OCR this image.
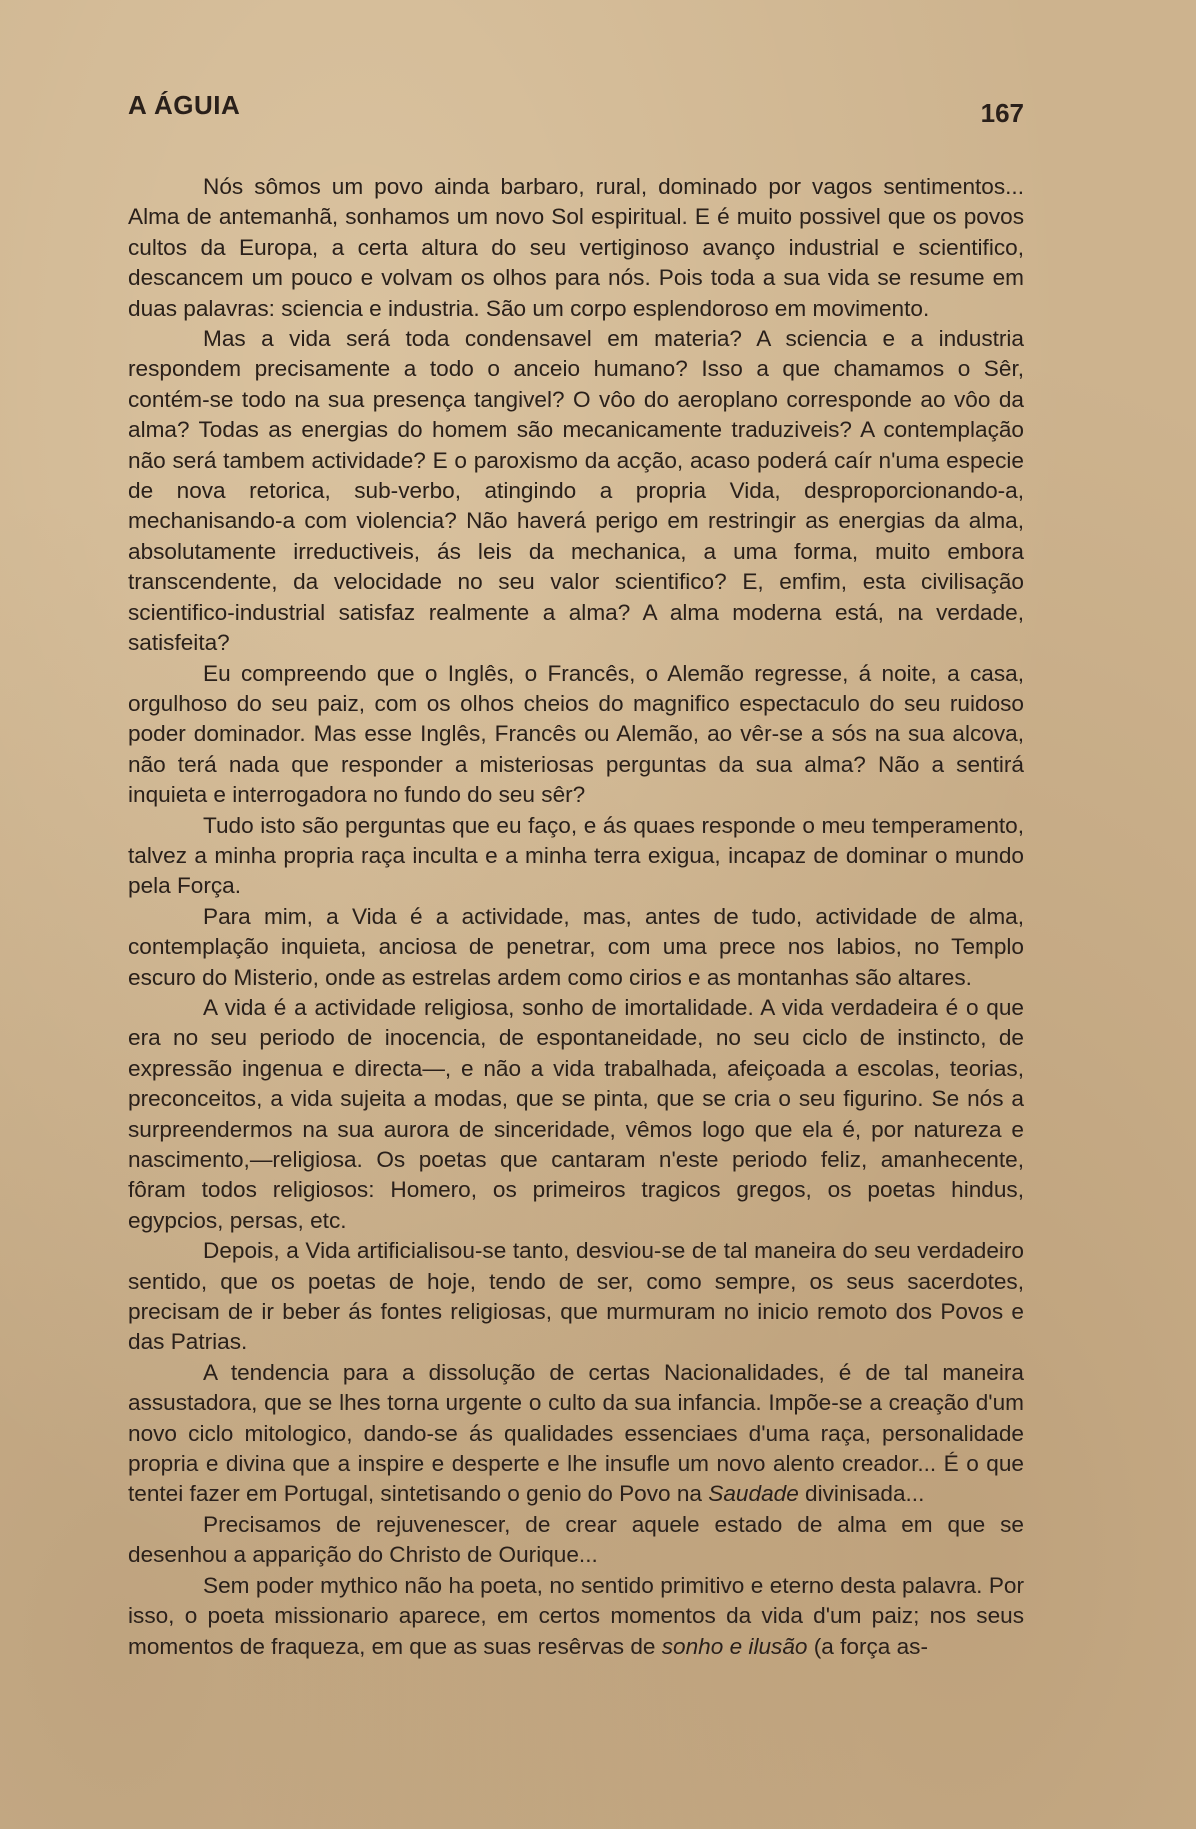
A ÁGUIA	167

Nós sômos um povo ainda barbaro, rural, dominado por vagos sentimentos... Alma de antemanhã, sonhamos um novo Sol espiritual. E é muito possivel que os povos cultos da Europa, a certa altura do seu vertiginoso avanço industrial e scientifico, descancem um pouco e volvam os olhos para nós. Pois toda a sua vida se resume em duas palavras: sciencia e industria. São um corpo esplendoroso em movimento.

Mas a vida será toda condensavel em materia? A sciencia e a industria respondem precisamente a todo o anceio humano? Isso a que chamamos o Sêr, contém-se todo na sua presença tangivel? O vôo do aeroplano corresponde ao vôo da alma? Todas as energias do homem são mecanicamente traduziveis? A contemplação não será tambem actividade? E o paroxismo da acção, acaso poderá caír n'uma especie de nova retorica, sub-verbo, atingindo a propria Vida, desproporcionando-a, mechanisando-a com violencia? Não haverá perigo em restringir as energias da alma, absolutamente irreductiveis, ás leis da mechanica, a uma forma, muito embora transcendente, da velocidade no seu valor scientifico? E, emfim, esta civilisação scientifico-industrial satisfaz realmente a alma? A alma moderna está, na verdade, satisfeita?

Eu compreendo que o Inglês, o Francês, o Alemão regresse, á noite, a casa, orgulhoso do seu paiz, com os olhos cheios do magnifico espectaculo do seu ruidoso poder dominador. Mas esse Inglês, Francês ou Alemão, ao vêr-se a sós na sua alcova, não terá nada que responder a misteriosas perguntas da sua alma? Não a sentirá inquieta e interrogadora no fundo do seu sêr?

Tudo isto são perguntas que eu faço, e ás quaes responde o meu temperamento, talvez a minha propria raça inculta e a minha terra exigua, incapaz de dominar o mundo pela Força.

Para mim, a Vida é a actividade, mas, antes de tudo, actividade de alma, contemplação inquieta, anciosa de penetrar, com uma prece nos labios, no Templo escuro do Misterio, onde as estrelas ardem como cirios e as montanhas são altares.

A vida é a actividade religiosa, sonho de imortalidade. A vida verdadeira é o que era no seu periodo de inocencia, de espontaneidade, no seu ciclo de instincto, de expressão ingenua e directa—, e não a vida trabalhada, afeiçoada a escolas, teorias, preconceitos, a vida sujeita a modas, que se pinta, que se cria o seu figurino. Se nós a surpreendermos na sua aurora de sinceridade, vêmos logo que ela é, por natureza e nascimento,—religiosa. Os poetas que cantaram n'este periodo feliz, amanhecente, fôram todos religiosos: Homero, os primeiros tragicos gregos, os poetas hindus, egypcios, persas, etc.

Depois, a Vida artificialisou-se tanto, desviou-se de tal maneira do seu verdadeiro sentido, que os poetas de hoje, tendo de ser, como sempre, os seus sacerdotes, precisam de ir beber ás fontes religiosas, que murmuram no inicio remoto dos Povos e das Patrias.

A tendencia para a dissolução de certas Nacionalidades, é de tal maneira assustadora, que se lhes torna urgente o culto da sua infancia. Impõe-se a creação d'um novo ciclo mitologico, dando-se ás qualidades essenciaes d'uma raça, personalidade propria e divina que a inspire e desperte e lhe insufle um novo alento creador... É o que tentei fazer em Portugal, sintetisando o genio do Povo na Saudade divinisada...

Precisamos de rejuvenescer, de crear aquele estado de alma em que se desenhou a apparição do Christo de Ourique...

Sem poder mythico não ha poeta, no sentido primitivo e eterno desta palavra. Por isso, o poeta missionario aparece, em certos momentos da vida d'um paiz; nos seus momentos de fraqueza, em que as suas resêrvas de sonho e ilusão (a força as-
